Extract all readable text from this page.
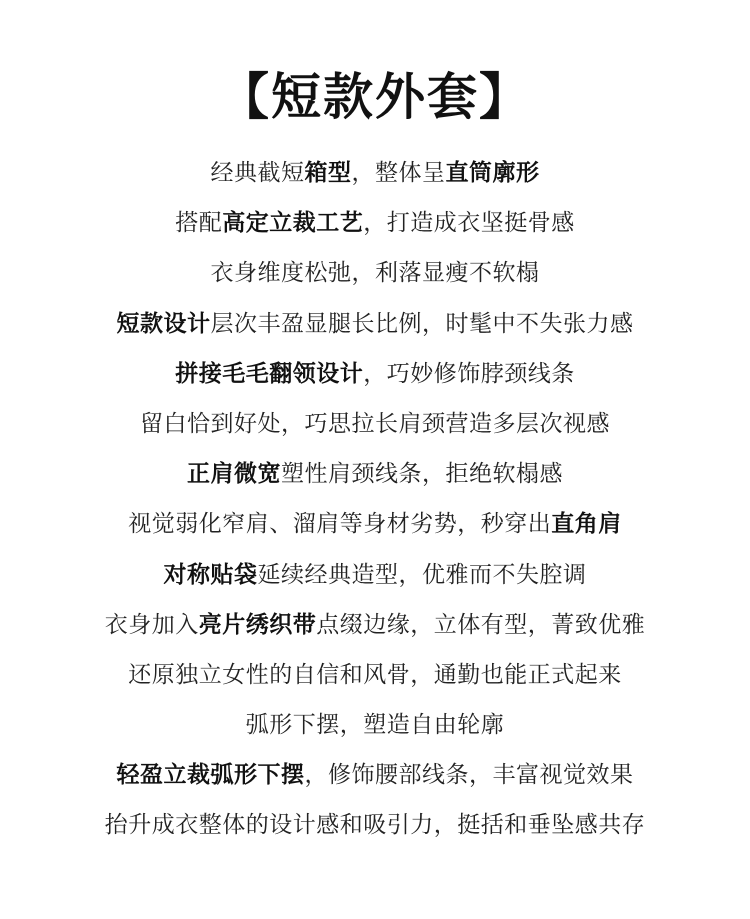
【短款外套】
经典截短箱型，整体呈直筒廓形
搭配高定立裁工艺，打造成衣坚挺骨感
衣身维度松弛，利落显瘦不软榻
短款设计层次丰盈显腿长比例，时髦中不失张力感
拼接毛毛翻领设计，巧妙修饰脖颈线条
留白恰到好处，巧思拉长肩颈营造多层次视感
正肩微宽塑性肩颈线条，拒绝软榻感
视觉弱化窄肩、溜肩等身材劣势，秒穿出直角肩
对称贴袋延续经典造型，优雅而不失腔调
衣身加入亮片绣织带点缀边缘，立体有型，菁致优雅
还原独立女性的自信和风骨，通勤也能正式起来
弧形下摆，塑造自由轮廓
轻盈立裁弧形下摆，修饰腰部线条，丰富视觉效果
抬升成衣整体的设计感和吸引力，挺括和垂坠感共存
